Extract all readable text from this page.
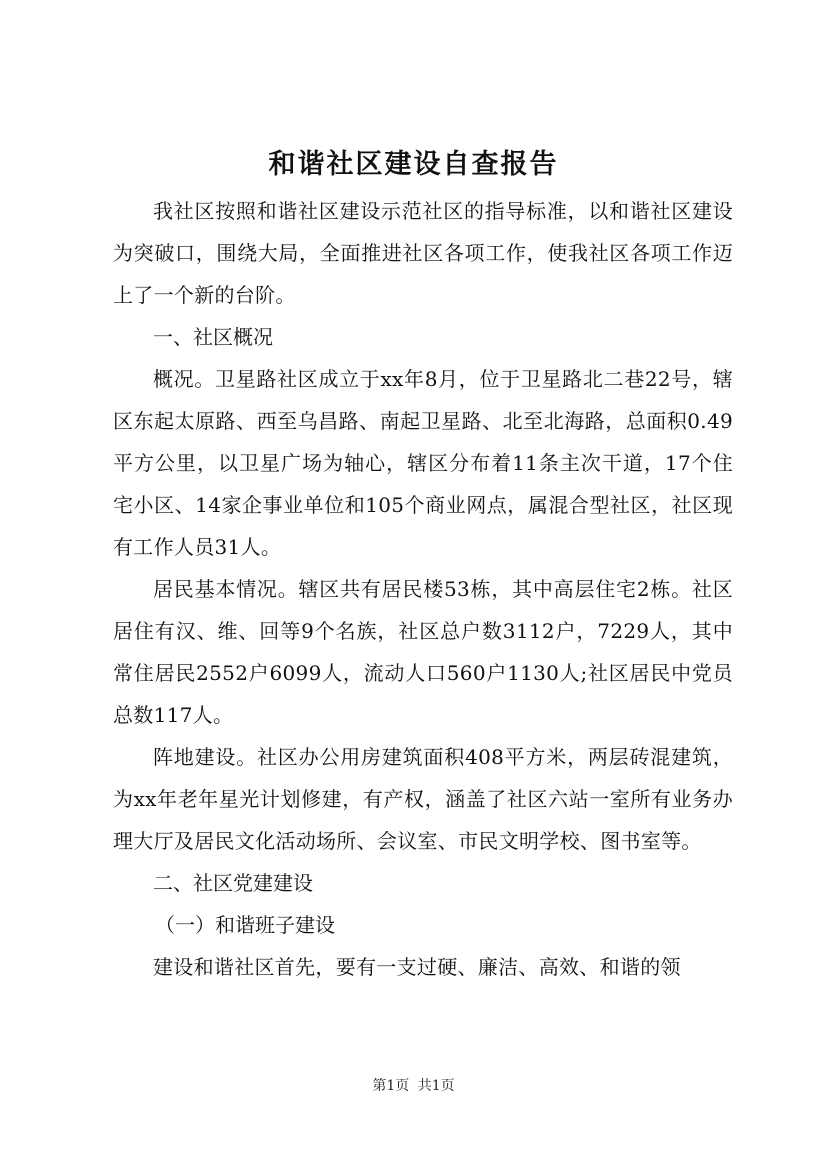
和谐社区建设自查报告

我社区按照和谐社区建设示范社区的指导标准，以和谐社区建设为突破口，围绕大局，全面推进社区各项工作，使我社区各项工作迈上了一个新的台阶。

一、社区概况

概况。卫星路社区成立于xx年8月，位于卫星路北二巷22号，辖区东起太原路、西至乌昌路、南起卫星路、北至北海路，总面积0.49平方公里，以卫星广场为轴心，辖区分布着11条主次干道，17个住宅小区、14家企事业单位和105个商业网点，属混合型社区，社区现有工作人员31人。

居民基本情况。辖区共有居民楼53栋，其中高层住宅2栋。社区居住有汉、维、回等9个名族，社区总户数3112户，7229人，其中常住居民2552户6099人，流动人口560户1130人;社区居民中党员总数117人。

阵地建设。社区办公用房建筑面积408平方米，两层砖混建筑，为xx年老年星光计划修建，有产权，涵盖了社区六站一室所有业务办理大厅及居民文化活动场所、会议室、市民文明学校、图书室等。

二、社区党建建设

（一）和谐班子建设

建设和谐社区首先，要有一支过硬、廉洁、高效、和谐的领

第1页 共1页
